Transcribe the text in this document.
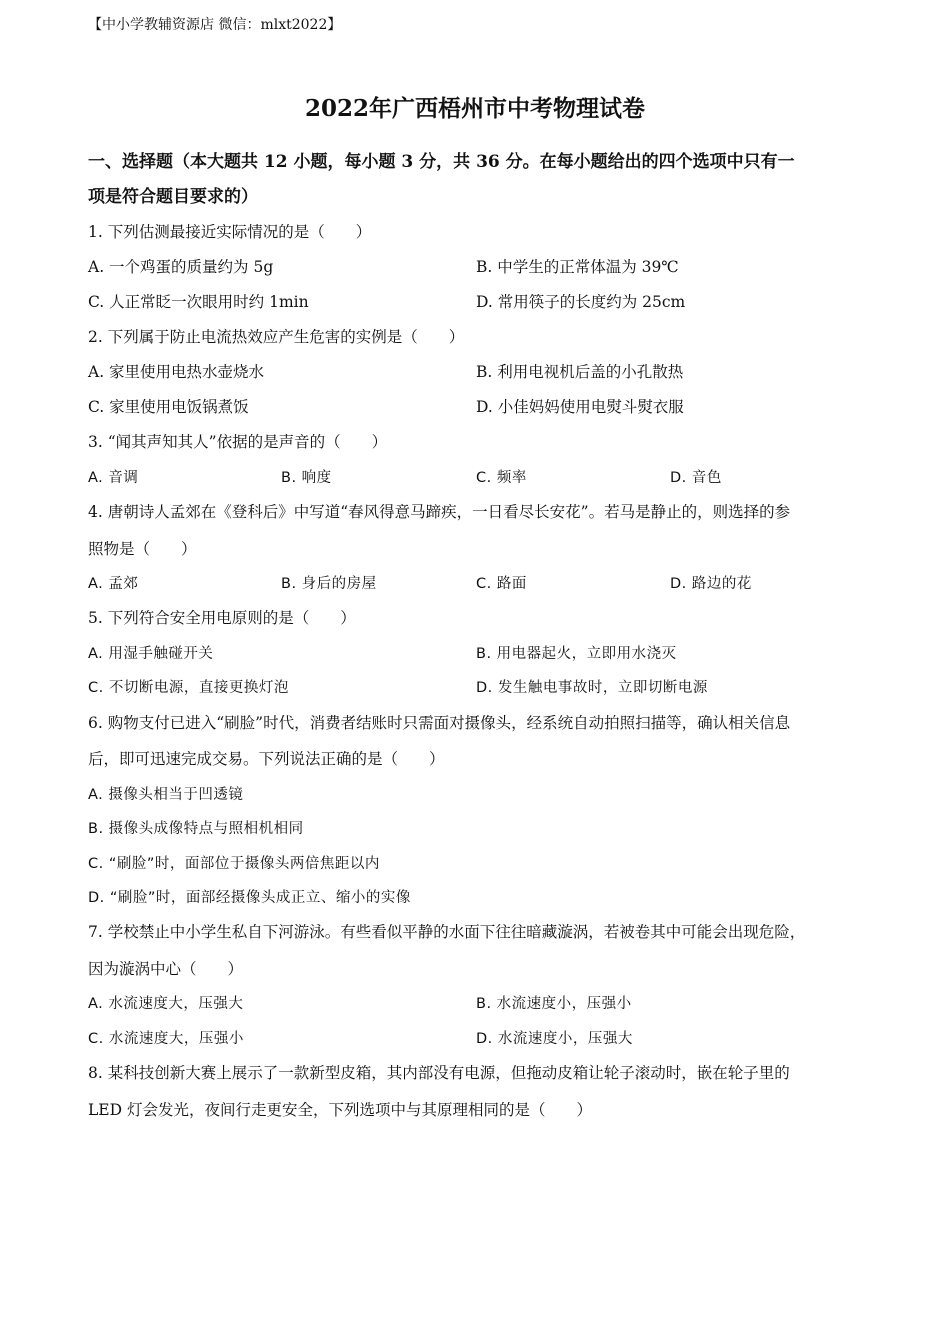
【中小学教辅资源店 微信：mlxt2022】
2022年广西梧州市中考物理试卷
一、选择题（本大题共 12 小题，每小题 3 分，共 36 分。在每小题给出的四个选项中只有一
项是符合题目要求的）
1. 下列估测最接近实际情况的是（　　）
A. 一个鸡蛋的质量约为 5g	B. 中学生的正常体温为 39℃
C. 人正常眨一次眼用时约 1min	D. 常用筷子的长度约为 25cm
2. 下列属于防止电流热效应产生危害的实例是（　　）
A. 家里使用电热水壶烧水	B. 利用电视机后盖的小孔散热
C. 家里使用电饭锅煮饭	D. 小佳妈妈使用电熨斗熨衣服
3. “闻其声知其人”依据的是声音的（　　）
A. 音调	B. 响度	C. 频率	D. 音色
4. 唐朝诗人孟郊在《登科后》中写道“春风得意马蹄疾，一日看尽长安花”。若马是静止的，则选择的参
照物是（　　）
A. 孟郊	B. 身后的房屋	C. 路面	D. 路边的花
5. 下列符合安全用电原则的是（　　）
A. 用湿手触碰开关	B. 用电器起火，立即用水浇灭
C. 不切断电源，直接更换灯泡	D. 发生触电事故时，立即切断电源
6. 购物支付已进入“刷脸”时代，消费者结账时只需面对摄像头，经系统自动拍照扫描等，确认相关信息
后，即可迅速完成交易。下列说法正确的是（　　）
A. 摄像头相当于凹透镜
B. 摄像头成像特点与照相机相同
C. “刷脸”时，面部位于摄像头两倍焦距以内
D. “刷脸”时，面部经摄像头成正立、缩小的实像
7. 学校禁止中小学生私自下河游泳。有些看似平静的水面下往往暗藏漩涡，若被卷其中可能会出现危险，
因为漩涡中心（　　）
A. 水流速度大，压强大	B. 水流速度小，压强小
C. 水流速度大，压强小	D. 水流速度小，压强大
8. 某科技创新大赛上展示了一款新型皮箱，其内部没有电源，但拖动皮箱让轮子滚动时，嵌在轮子里的
LED 灯会发光，夜间行走更安全，下列选项中与其原理相同的是（　　）
